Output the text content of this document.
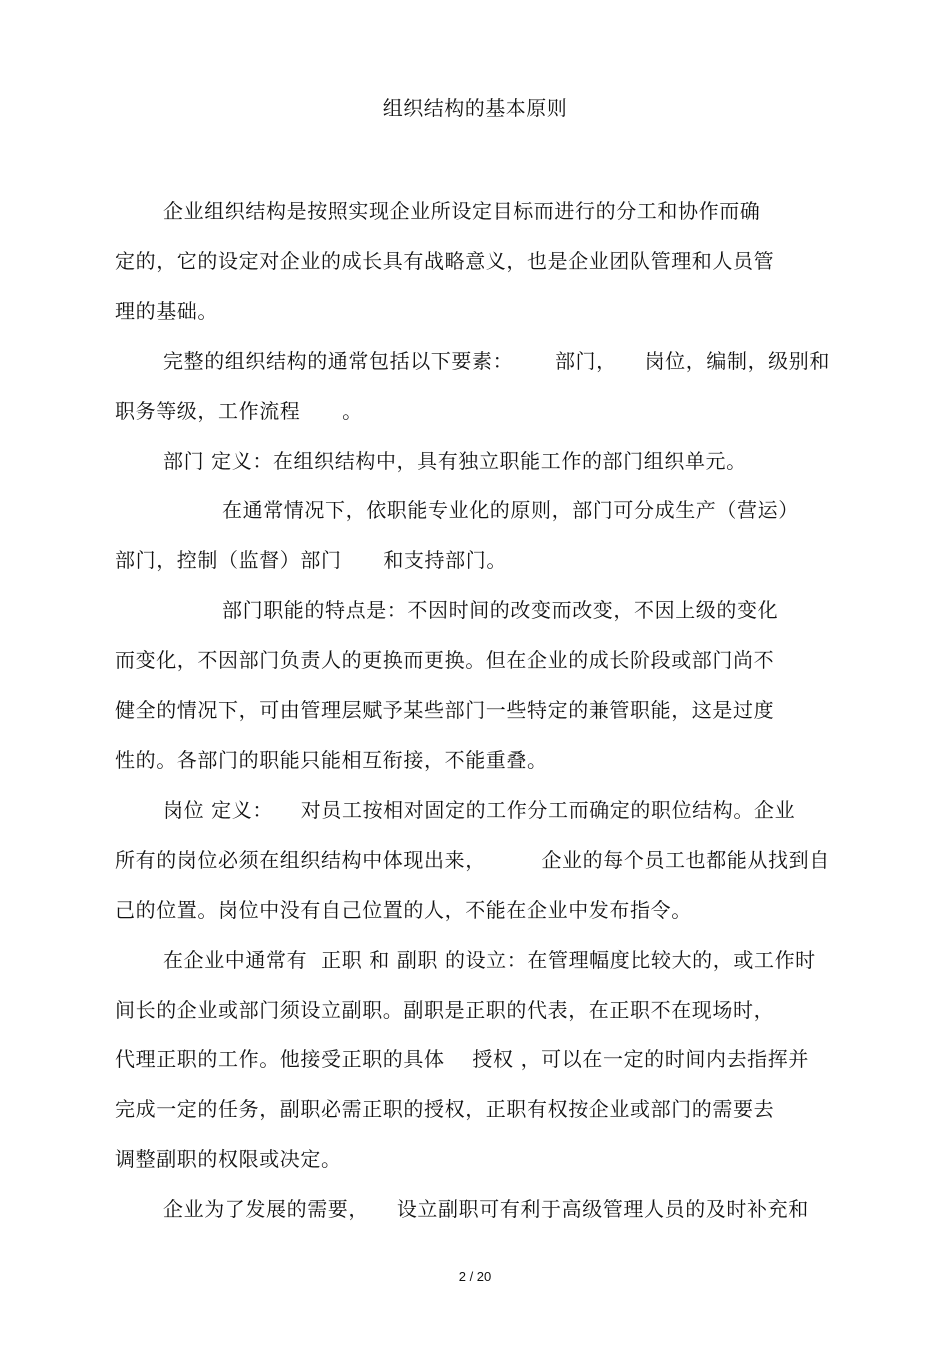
组织结构的基本原则
企业组织结构是按照实现企业所设定目标而进行的分工和协作而确
定的，它的设定对企业的成长具有战略意义，也是企业团队管理和人员管
理的基础。
完整的组织结构的通常包括以下要素：      部门，    岗位，编制，级别和
职务等级，工作流程      。
部门 定义：在组织结构中，具有独立职能工作的部门组织单元。
在通常情况下，依职能专业化的原则，部门可分成生产（营运）
部门，控制（监督）部门      和支持部门。
部门职能的特点是：不因时间的改变而改变，不因上级的变化
而变化，不因部门负责人的更换而更换。但在企业的成长阶段或部门尚不
健全的情况下，可由管理层赋予某些部门一些特定的兼管职能，这是过度
性的。各部门的职能只能相互衔接，不能重叠。
岗位 定义：    对员工按相对固定的工作分工而确定的职位结构。企业
所有的岗位必须在组织结构中体现出来，        企业的每个员工也都能从找到自
己的位置。岗位中没有自己位置的人，不能在企业中发布指令。
在企业中通常有  正职 和 副职 的设立：在管理幅度比较大的，或工作时
间长的企业或部门须设立副职。副职是正职的代表，在正职不在现场时，
代理正职的工作。他接受正职的具体    授权 ，可以在一定的时间内去指挥并
完成一定的任务，副职必需正职的授权，正职有权按企业或部门的需要去
调整副职的权限或决定。
企业为了发展的需要，    设立副职可有利于高级管理人员的及时补充和
2 / 20
